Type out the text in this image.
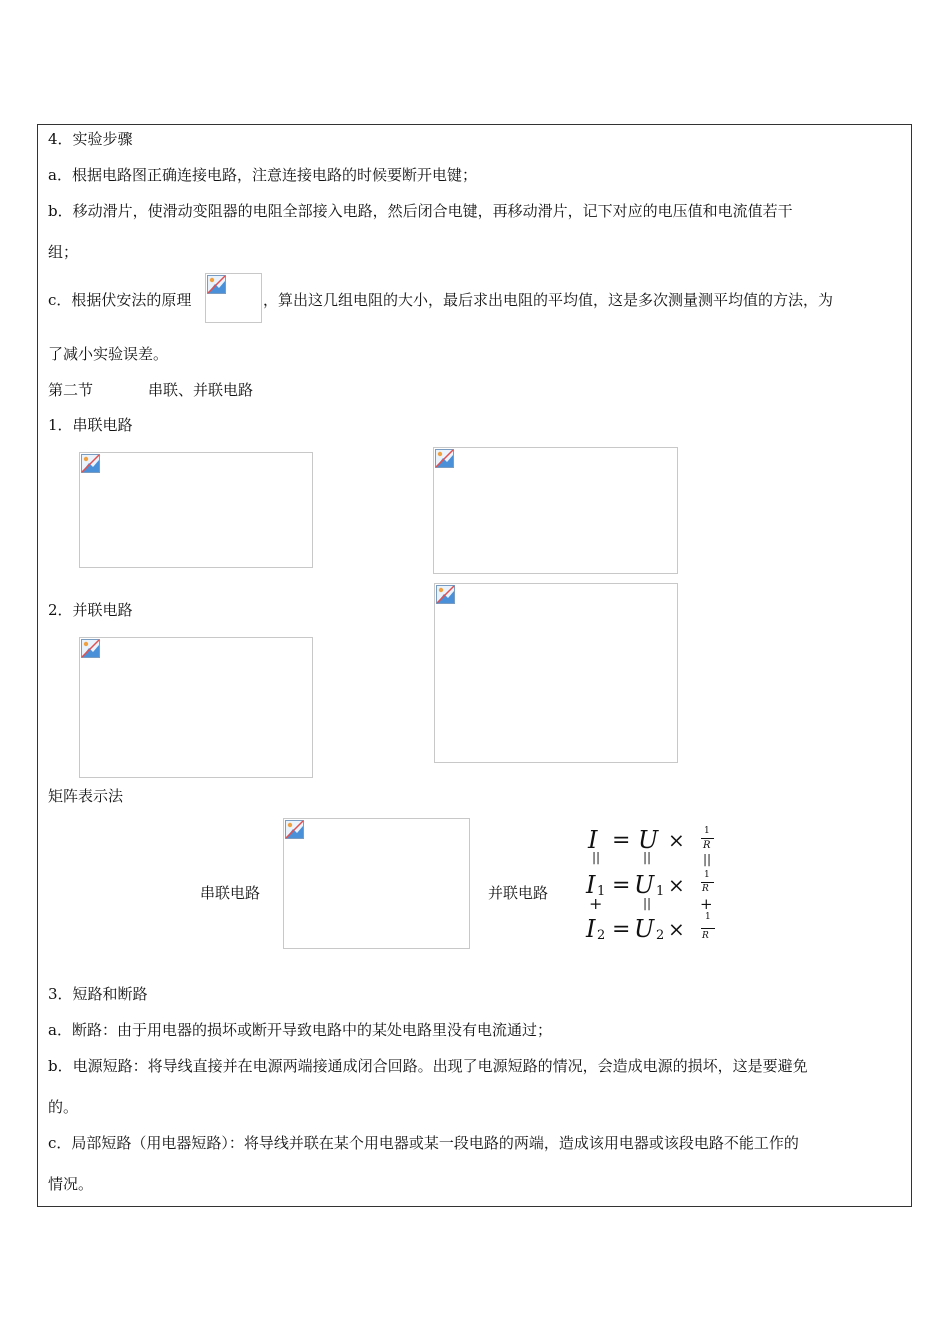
4．实验步骤
a．根据电路图正确连接电路，注意连接电路的时候要断开电键；
b．移动滑片，使滑动变阻器的电阻全部接入电路，然后闭合电键，再移动滑片，记下对应的电压值和电流值若干
组；
c．根据伏安法的原理	，算出这几组电阻的大小，最后求出电阻的平均值，这是多次测量测平均值的方法，为
了减小实验误差。
第二节	串联、并联电路
1．串联电路
2．并联电路
矩阵表示法
串联电路	并联电路
I = U × 1
R
||	||	||
I 1 = U 1 × 1
R
+	||	+
I 2 = U 2 × 1
R
3．短路和断路
a．断路：由于用电器的损坏或断开导致电路中的某处电路里没有电流通过；
b．电源短路：将导线直接并在电源两端接通成闭合回路。出现了电源短路的情况，会造成电源的损坏，这是要避免
的。
c．局部短路（用电器短路）：将导线并联在某个用电器或某一段电路的两端，造成该用电器或该段电路不能工作的
情况。
